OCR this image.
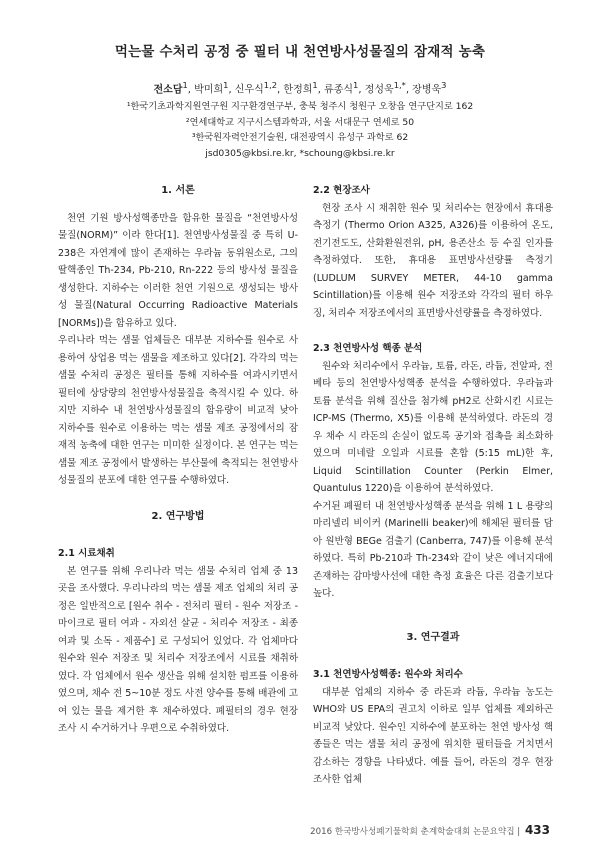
먹는물 수처리 공정 중 필터 내 천연방사성물질의 잠재적 농축
전소담$^1$, 박미희$^1$, 신우식$^{1,2}$, 한정희$^1$, 류종식$^1$, 정성욱$^{1,*}$, 장병욱$^3$
¹한국기초과학지원연구원 지구환경연구부, 충북 청주시 청원구 오창읍 연구단지로 162
²연세대학교 지구시스템과학과, 서울 서대문구 연세로 50
³한국원자력안전기술원, 대전광역시 유성구 과학로 62
jsd0305@kbsi.re.kr, *schoung@kbsi.re.kr
1. 서론

천연 기원 방사성핵종만을 함유한 물질을 “천연방사성물질(NORM)” 이라 한다[1]. 천연방사성물질 중 특히 U-238은 자연계에 많이 존재하는 우라늄 동위원소로, 그의 딸핵종인 Th-234, Pb-210, Rn-222 등의 방사성 물질을 생성한다. 지하수는 이러한 천연 기원으로 생성되는 방사성 물질(Natural Occurring Radioactive Materials [NORMs])을 함유하고 있다.

우리나라 먹는 샘물 업체들은 대부분 지하수를 원수로 사용하여 상업용 먹는 샘물을 제조하고 있다[2]. 각각의 먹는 샘물 수처리 공정은 필터를 통해 지하수를 여과시키면서 필터에 상당량의 천연방사성물질을 축적시킬 수 있다. 하지만 지하수 내 천연방사성물질의 함유량이 비교적 낮아 지하수를 원수로 이용하는 먹는 샘물 제조 공정에서의 잠재적 농축에 대한 연구는 미미한 실정이다. 본 연구는 먹는 샘물 제조 공정에서 발생하는 부산물에 축적되는 천연방사성물질의 분포에 대한 연구를 수행하였다.

2. 연구방법

2.1 시료채취

본 연구를 위해 우리나라 먹는 샘물 수처리 업체 중 13곳을 조사했다. 우리나라의 먹는 샘물 제조 업체의 처리 공정은 일반적으로 [원수 취수 - 전처리 필터 - 원수 저장조 - 마이크로 필터 여과 - 자외선 살균 - 처리수 저장조 - 최종 여과 및 소독 - 제품수] 로 구성되어 있었다. 각 업체마다 원수와 원수 저장조 및 처리수 저장조에서 시료를 채취하였다. 각 업체에서 원수 생산을 위해 설치한 펌프를 이용하였으며, 채수 전 5~10분 정도 사전 양수를 통해 배관에 고여 있는 물을 제거한 후 채수하였다. 폐필터의 경우 현장 조사 시 수거하거나 우편으로 수취하였다.

2.2 현장조사

현장 조사 시 채취한 원수 및 처리수는 현장에서 휴대용 측정기 (Thermo Orion A325, A326)를 이용하여 온도, 전기전도도, 산화환원전위, pH, 용존산소 등 수질 인자를 측정하였다. 또한, 휴대용 표면방사선량률 측정기 (LUDLUM SURVEY METER, 44-10 gamma Scintillation)를 이용해 원수 저장조와 각각의 필터 하우징, 처리수 저장조에서의 표면방사선량률을 측정하였다.

2.3 천연방사성 핵종 분석

원수와 처리수에서 우라늄, 토륨, 라돈, 라듐, 전알파, 전베타 등의 천연방사성핵종 분석을 수행하였다. 우라늄과 토륨 분석을 위해 질산을 첨가해 pH2로 산화시킨 시료는 ICP-MS (Thermo, X5)를 이용해 분석하였다. 라돈의 경우 채수 시 라돈의 손실이 없도록 공기와 접촉을 최소화하였으며 미네랄 오일과 시료를 혼합 (5:15 mL)한 후, Liquid Scintillation Counter (Perkin Elmer, Quantulus 1220)을 이용하여 분석하였다.

수거된 폐필터 내 천연방사성핵종 분석을 위해 1 L 용량의 마리넬리 비이커 (Marinelli beaker)에 해체된 필터를 담아 원반형 BEGe 검출기 (Canberra, 747)를 이용해 분석하였다. 특히 Pb-210과 Th-234와 같이 낮은 에너지대에 존재하는 감마방사선에 대한 측정 효율은 다른 검출기보다 높다.

3. 연구결과

3.1 천연방사성핵종: 원수와 처리수

대부분 업체의 지하수 중 라돈과 라듐, 우라늄 농도는 WHO와 US EPA의 권고치 이하로 일부 업체를 제외하곤 비교적 낮았다. 원수인 지하수에 분포하는 천연 방사성 핵종들은 먹는 샘물 처리 공정에 위치한 필터들을 거치면서 감소하는 경향을 나타냈다. 예를 들어, 라돈의 경우 현장 조사한 업체

2016 한국방사성폐기물학회 춘계학술대회 논문요약집 | 433
